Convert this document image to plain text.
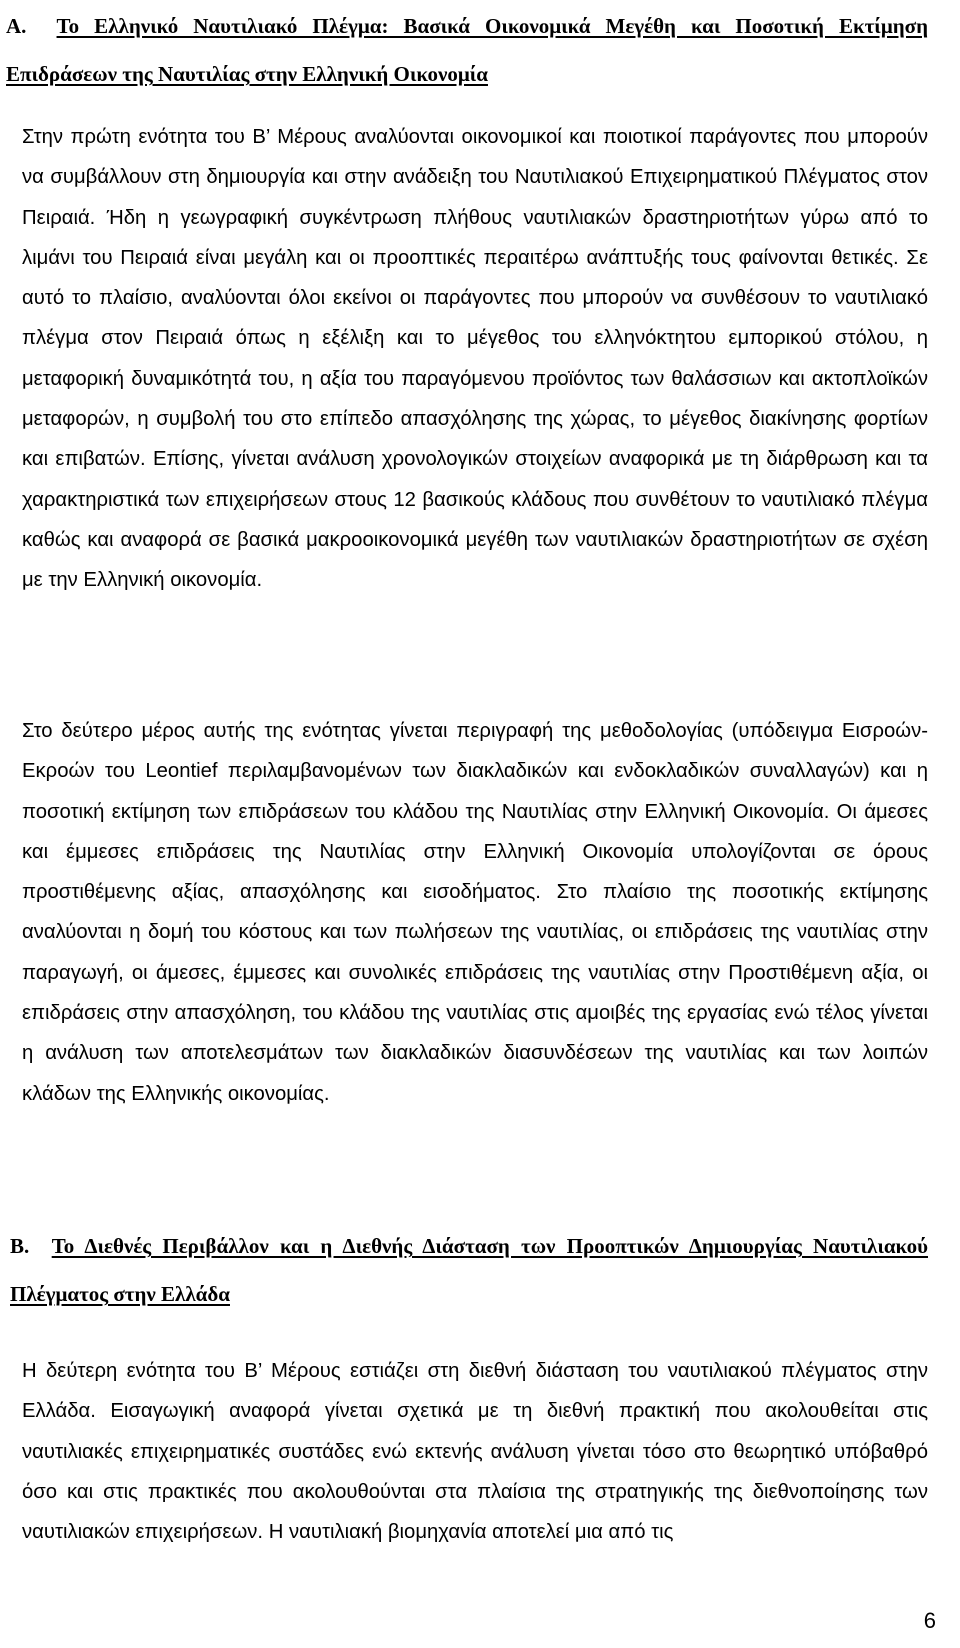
A. Το Ελληνικό Ναυτιλιακό Πλέγμα: Βασικά Οικονομικά Μεγέθη και Ποσοτική Εκτίμηση Επιδράσεων της Ναυτιλίας στην Ελληνική Οικονομία

Στην πρώτη ενότητα του Β’ Μέρους αναλύονται οικονομικοί και ποιοτικοί παράγοντες που μπορούν να συμβάλλουν στη δημιουργία και στην ανάδειξη του Ναυτιλιακού Επιχειρηματικού Πλέγματος στον Πειραιά. Ήδη η γεωγραφική συγκέντρωση πλήθους ναυτιλιακών δραστηριοτήτων γύρω από το λιμάνι του Πειραιά είναι μεγάλη και οι προοπτικές περαιτέρω ανάπτυξής τους φαίνονται θετικές. Σε αυτό το πλαίσιο, αναλύονται όλοι εκείνοι οι παράγοντες που μπορούν να συνθέσουν το ναυτιλιακό πλέγμα στον Πειραιά όπως η εξέλιξη και το μέγεθος του ελληνόκτητου εμπορικού στόλου, η μεταφορική δυναμικότητά του, η αξία του παραγόμενου προϊόντος των θαλάσσιων και ακτοπλοϊκών μεταφορών, η συμβολή του στο επίπεδο απασχόλησης της χώρας, το μέγεθος διακίνησης φορτίων και επιβατών. Επίσης, γίνεται ανάλυση χρονολογικών στοιχείων αναφορικά με τη διάρθρωση και τα χαρακτηριστικά των επιχειρήσεων στους 12 βασικούς κλάδους που συνθέτουν το ναυτιλιακό πλέγμα καθώς και αναφορά σε βασικά μακροοικονομικά μεγέθη των ναυτιλιακών δραστηριοτήτων σε σχέση με την Ελληνική οικονομία.

Στο δεύτερο μέρος αυτής της ενότητας γίνεται περιγραφή της μεθοδολογίας (υπόδειγμα Εισροών-Εκροών του Leontief περιλαμβανομένων των διακλαδικών και ενδοκλαδικών συναλλαγών) και η ποσοτική εκτίμηση των επιδράσεων του κλάδου της Ναυτιλίας στην Ελληνική Οικονομία. Οι άμεσες και έμμεσες επιδράσεις της Ναυτιλίας στην Ελληνική Οικονομία υπολογίζονται σε όρους προστιθέμενης αξίας, απασχόλησης και εισοδήματος. Στο πλαίσιο της ποσοτικής εκτίμησης αναλύονται η δομή του κόστους και των πωλήσεων της ναυτιλίας, οι επιδράσεις της ναυτιλίας στην παραγωγή, οι άμεσες, έμμεσες και συνολικές επιδράσεις της ναυτιλίας στην Προστιθέμενη αξία, οι επιδράσεις στην απασχόληση, του κλάδου της ναυτιλίας στις αμοιβές της εργασίας ενώ τέλος γίνεται η ανάλυση των αποτελεσμάτων των διακλαδικών διασυνδέσεων της ναυτιλίας και των λοιπών κλάδων της Ελληνικής οικονομίας.

B. Το Διεθνές Περιβάλλον και η Διεθνής Διάσταση των Προοπτικών Δημιουργίας Ναυτιλιακού Πλέγματος στην Ελλάδα

Η δεύτερη ενότητα του Β’ Μέρους εστιάζει στη διεθνή διάσταση του ναυτιλιακού πλέγματος στην Ελλάδα. Εισαγωγική αναφορά γίνεται σχετικά με τη διεθνή πρακτική που ακολουθείται στις ναυτιλιακές επιχειρηματικές συστάδες ενώ εκτενής ανάλυση γίνεται τόσο στο θεωρητικό υπόβαθρό όσο και στις πρακτικές που ακολουθούνται στα πλαίσια της στρατηγικής της διεθνοποίησης των ναυτιλιακών επιχειρήσεων. Η ναυτιλιακή βιομηχανία αποτελεί μια από τις

6
